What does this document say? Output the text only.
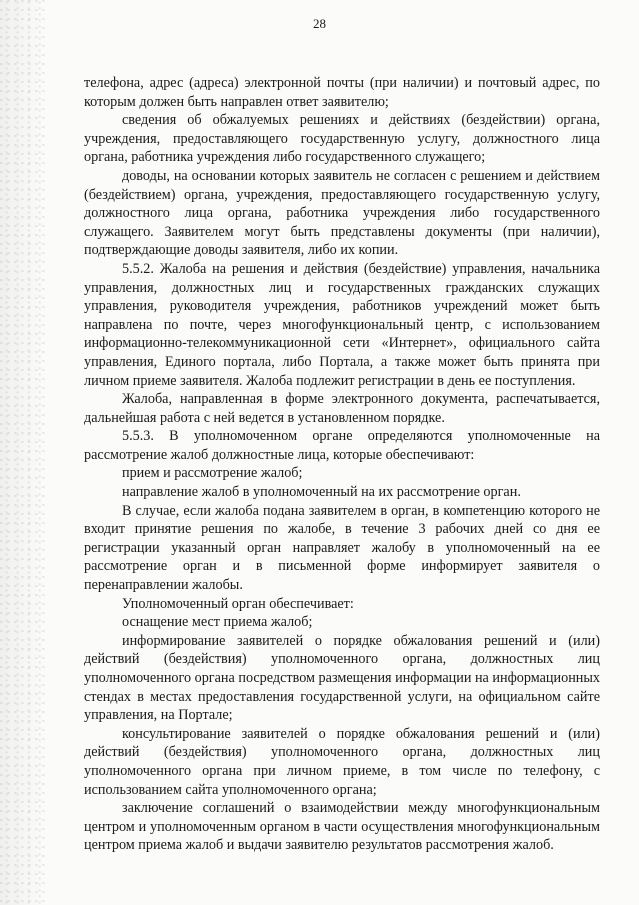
28

телефона, адрес (адреса) электронной почты (при наличии) и почтовый адрес, по которым должен быть направлен ответ заявителю;

сведения об обжалуемых решениях и действиях (бездействии) органа, учреждения, предоставляющего государственную услугу, должностного лица органа, работника учреждения либо государственного служащего;

доводы, на основании которых заявитель не согласен с решением и действием (бездействием) органа, учреждения, предоставляющего государственную услугу, должностного лица органа, работника учреждения либо государственного служащего. Заявителем могут быть представлены документы (при наличии), подтверждающие доводы заявителя, либо их копии.

5.5.2. Жалоба на решения и действия (бездействие) управления, начальника управления, должностных лиц и государственных гражданских служащих управления, руководителя учреждения, работников учреждений может быть направлена по почте, через многофункциональный центр, с использованием информационно-телекоммуникационной сети «Интернет», официального сайта управления, Единого портала, либо Портала, а также может быть принята при личном приеме заявителя. Жалоба подлежит регистрации в день ее поступления.

Жалоба, направленная в форме электронного документа, распечатывается, дальнейшая работа с ней ведется в установленном порядке.

5.5.3. В уполномоченном органе определяются уполномоченные на рассмотрение жалоб должностные лица, которые обеспечивают:

прием и рассмотрение жалоб;

направление жалоб в уполномоченный на их рассмотрение орган.

В случае, если жалоба подана заявителем в орган, в компетенцию которого не входит принятие решения по жалобе, в течение 3 рабочих дней со дня ее регистрации указанный орган направляет жалобу в уполномоченный на ее рассмотрение орган и в письменной форме информирует заявителя о перенаправлении жалобы.

Уполномоченный орган обеспечивает:

оснащение мест приема жалоб;

информирование заявителей о порядке обжалования решений и (или) действий (бездействия) уполномоченного органа, должностных лиц уполномоченного органа посредством размещения информации на информационных стендах в местах предоставления государственной услуги, на официальном сайте управления, на Портале;

консультирование заявителей о порядке обжалования решений и (или) действий (бездействия) уполномоченного органа, должностных лиц уполномоченного органа при личном приеме, в том числе по телефону, с использованием сайта уполномоченного органа;

заключение соглашений о взаимодействии между многофункциональным центром и уполномоченным органом в части осуществления многофункциональным центром приема жалоб и выдачи заявителю результатов рассмотрения жалоб.
